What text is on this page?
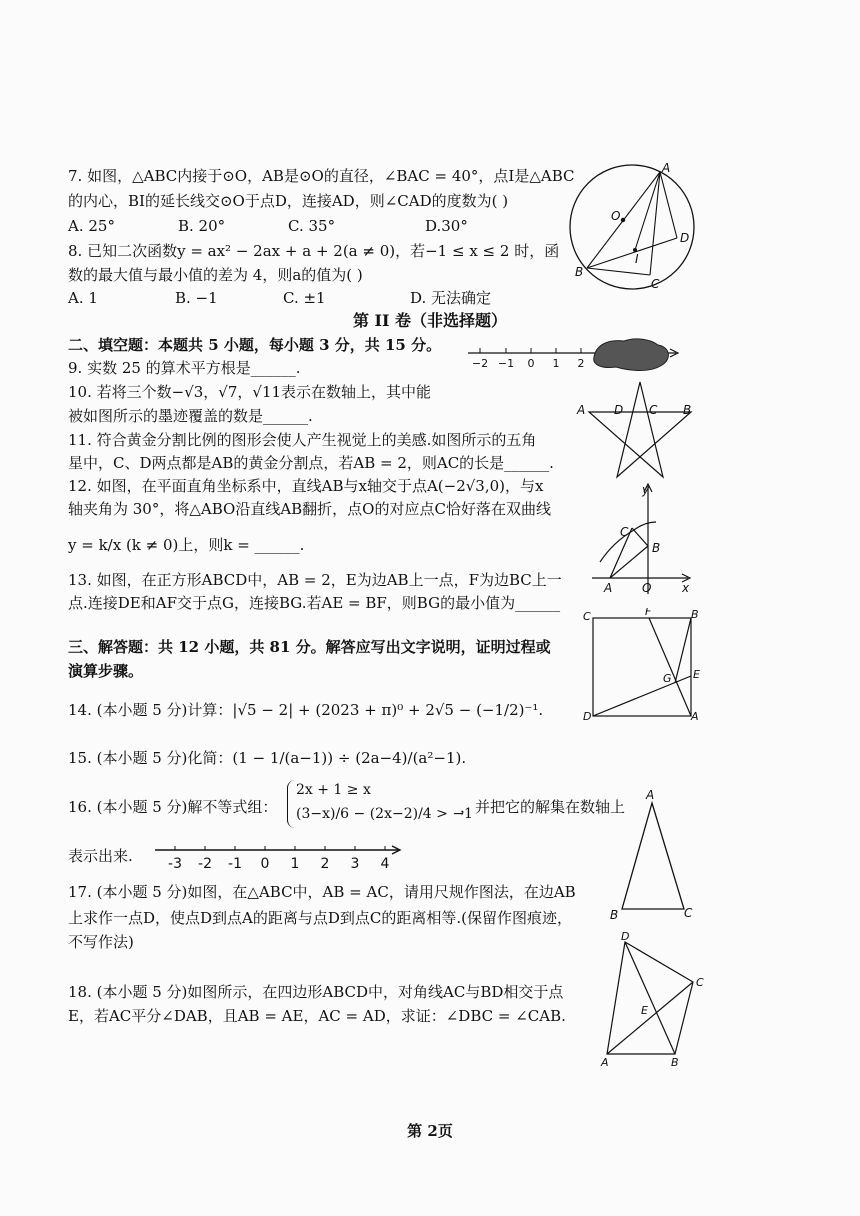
7. 如图，△ABC内接于⊙O，AB是⊙O的直径，∠BAC = 40°，点I是△ABC
的内心，BI的延长线交⊙O于点D，连接AD，则∠CAD的度数为( )
A. 25°	B. 20°	C. 35°	D.30°
8. 已知二次函数y = ax² − 2ax + a + 2(a ≠ 0)，若−1 ≤ x ≤ 2 时，函
数的最大值与最小值的差为 4，则a的值为( )
A. 1	B. −1	C. ±1	D. 无法确定
第 II 卷（非选择题）
二、填空题：本题共 5 小题，每小题 3 分，共 15 分。
9. 实数 25 的算术平方根是______.
10. 若将三个数−√3，√7，√11表示在数轴上，其中能
被如图所示的墨迹覆盖的数是______.
11. 符合黄金分割比例的图形会使人产生视觉上的美感.如图所示的五角
星中，C、D两点都是AB的黄金分割点，若AB = 2，则AC的长是______.
12. 如图，在平面直角坐标系中，直线AB与x轴交于点A(−2√3,0)，与x
轴夹角为 30°，将△ABO沿直线AB翻折，点O的对应点C恰好落在双曲线
y = k/x (k ≠ 0)上，则k = ______.
13. 如图，在正方形ABCD中，AB = 2，E为边AB上一点，F为边BC上一
点.连接DE和AF交于点G，连接BG.若AE = BF，则BG的最小值为______
三、解答题：共 12 小题，共 81 分。解答应写出文字说明，证明过程或
演算步骤。
14. (本小题 5 分)计算：|√5 − 2| + (2023 + π)⁰ + 2√5 − (−1/2)⁻¹.
15. (本小题 5 分)化简：(1 − 1/(a−1)) ÷ (2a−4)/(a²−1).
16. (本小题 5 分)解不等式组：
2x + 1 ≥ x
(3−x)/6 − (2x−2)/4 > −1
，并把它的解集在数轴上
表示出来.	-3 -2 -1 0 1 2 3 4
17. (本小题 5 分)如图，在△ABC中，AB = AC，请用尺规作图法，在边AB
上求作一点D，使点D到点A的距离与点D到点C的距离相等.(保留作图痕迹，
不写作法)
18. (本小题 5 分)如图所示，在四边形ABCD中，对角线AC与BD相交于点
E，若AC平分∠DAB，且AB = AE，AC = AD，求证：∠DBC = ∠CAB.
第 2页
A
O
D
I
B
C
−2 −1 0 1 2
A D C B
y
C
B
A O	x
C	F	B
G E
D	A
A
B	C
D
C
E
A	B
